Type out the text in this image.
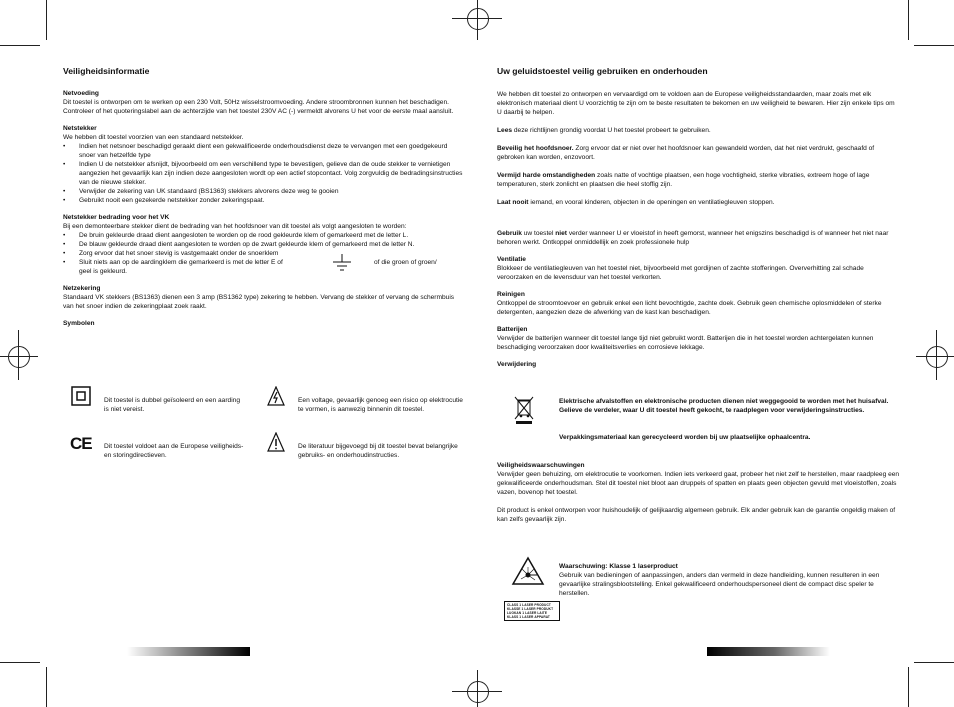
Veiligheidsinformatie

Netvoeding

Dit toestel is ontworpen om te werken op een 230 Volt, 50Hz wisselstroomvoeding. Andere stroombronnen kunnen het beschadigen. Controleer of het quoteringslabel aan de achterzijde van het toestel 230V AC (-) vermeldt alvorens U het voor de eerste maal aansluit.

Netstekker

We hebben dit toestel voorzien van een standaard netstekker.

• Indien het netsnoer beschadigd geraakt dient een gekwalificeerde onderhoudsdienst deze te vervangen met een goedgekeurd snoer van hetzelfde type
• Indien U de netstekker afsnijdt, bijvoorbeeld om een verschillend type te bevestigen, gelieve dan de oude stekker te vernietigen aangezien het gevaarlijk kan zijn indien deze aangesloten wordt op een actief stopcontact. Volg zorgvuldig de bedradingsinstructies van de nieuwe stekker.
• Verwijder de zekering van UK standaard (BS1363) stekkers alvorens deze weg te gooien
• Gebruikt nooit een gezekerde netstekker zonder zekeringspaat.

Netstekker bedrading voor het VK

Bij een demonteerbare stekker dient de bedrading van het hoofdsnoer van dit toestel als volgt aangesloten te worden:

• De bruin gekleurde draad dient aangesloten te worden op de rood gekleurde klem of gemarkeerd met de letter L.
• De blauw gekleurde draad dient aangesloten te worden op de zwart gekleurde klem of gemarkeerd met de letter N.
• Zorg ervoor dat het snoer stevig is vastgemaakt onder de snoerklem
• Sluit niets aan op de aardingklem die gemarkeerd is met de letter E of	of die groen of groen/
geel is gekleurd.

Netzekering

Standaard VK stekkers (BS1363) dienen een 3 amp (BS1362 type) zekering te hebben. Vervang de stekker of vervang de schermbuis van het snoer indien de zekeringplaat zoek raakt.

Symbolen

Dit toestel is dubbel geïsoleerd en een aarding is niet vereist.

Een voltage, gevaarlijk genoeg een risico op elektrocutie te vormen, is aanwezig binnenin dit toestel.

CE Dit toestel voldoet aan de Europese veiligheids- en storingdirectieven.

De literatuur bijgevoegd bij dit toestel bevat belangrijke gebruiks- en onderhoudinstructies.

Uw geluidstoestel veilig gebruiken en onderhouden

We hebben dit toestel zo ontworpen en vervaardigd om te voldoen aan de Europese veiligheidsstandaarden, maar zoals met elk elektronisch materiaal dient U voorzichtig te zijn om te beste resultaten te bekomen en uw veiligheid te bewaren. Hier zijn enkele tips om U daarbij te helpen.

Lees deze richtlijnen grondig voordat U het toestel probeert te gebruiken.

Beveilig het hoofdsnoer. Zorg ervoor dat er niet over het hoofdsnoer kan gewandeld worden, dat het niet verdrukt, geschaafd of gebroken kan worden, enzovoort.

Vermijd harde omstandigheden zoals natte of vochtige plaatsen, een hoge vochtigheid, sterke vibraties, extreem hoge of lage temperaturen, sterk zonlicht en plaatsen die heel stoffig zijn.

Laat nooit iemand, en vooral kinderen, objecten in de openingen en ventilatiegleuven stoppen.

Gebruik uw toestel niet verder wanneer U er vloeistof in heeft gemorst, wanneer het enigszins beschadigd is of wanneer het niet naar behoren werkt. Ontkoppel onmiddellijk en zoek professionele hulp

Ventilatie

Blokkeer de ventilatiegleuven van het toestel niet, bijvoorbeeld met gordijnen of zachte stofferingen. Oververhitting zal schade veroorzaken en de levensduur van het toestel verkorten.

Reinigen

Ontkoppel de stroomtoevoer en gebruik enkel een licht bevochtigde, zachte doek. Gebruik geen chemische oplosmiddelen of sterke detergenten, aangezien deze de afwerking van de kast kan beschadigen.

Batterijen

Verwijder de batterijen wanneer dit toestel lange tijd niet gebruikt wordt. Batterijen die in het toestel worden achtergelaten kunnen beschadiging veroorzaken door kwaliteitsverlies en corrosieve lekkage.

Verwijdering

Elektrische afvalstoffen en elektronische producten dienen niet weggegooid te worden met het huisafval. Gelieve de verdeler, waar U dit toestel heeft gekocht, te raadplegen voor verwijderingsinstructies.

Verpakkingsmateriaal kan gerecycleerd worden bij uw plaatselijke ophaalcentra.

Veiligheidswaarschuwingen

Verwijder geen behuizing, om elektrocutie te voorkomen. Indien iets verkeerd gaat, probeer het niet zelf te herstellen, maar raadpleeg een gekwalificeerde onderhoudsman. Stel dit toestel niet bloot aan druppels of spatten en plaats geen objecten gevuld met vloeistoffen, zoals vazen, bovenop het toestel.

Dit product is enkel ontworpen voor huishoudelijk of gelijkaardig algemeen gebruik. Elk ander gebruik kan de garantie ongeldig maken of kan zelfs gevaarlijk zijn.

Waarschuwing: Klasse 1 laserproduct

Gebruik van bedieningen of aanpassingen, anders dan vermeld in deze handleiding, kunnen resulteren in een gevaarlijke stralingsblootstelling. Enkel gekwalificeerd onderhoudspersoneel dient de compact disc speler te herstellen.

CLASS 1 LASER PRODUCT
KLASSE 1 LASER PRODUKT
LUOKAN 1 LASER LAITE
KLASS 1 LASER APPARAT
